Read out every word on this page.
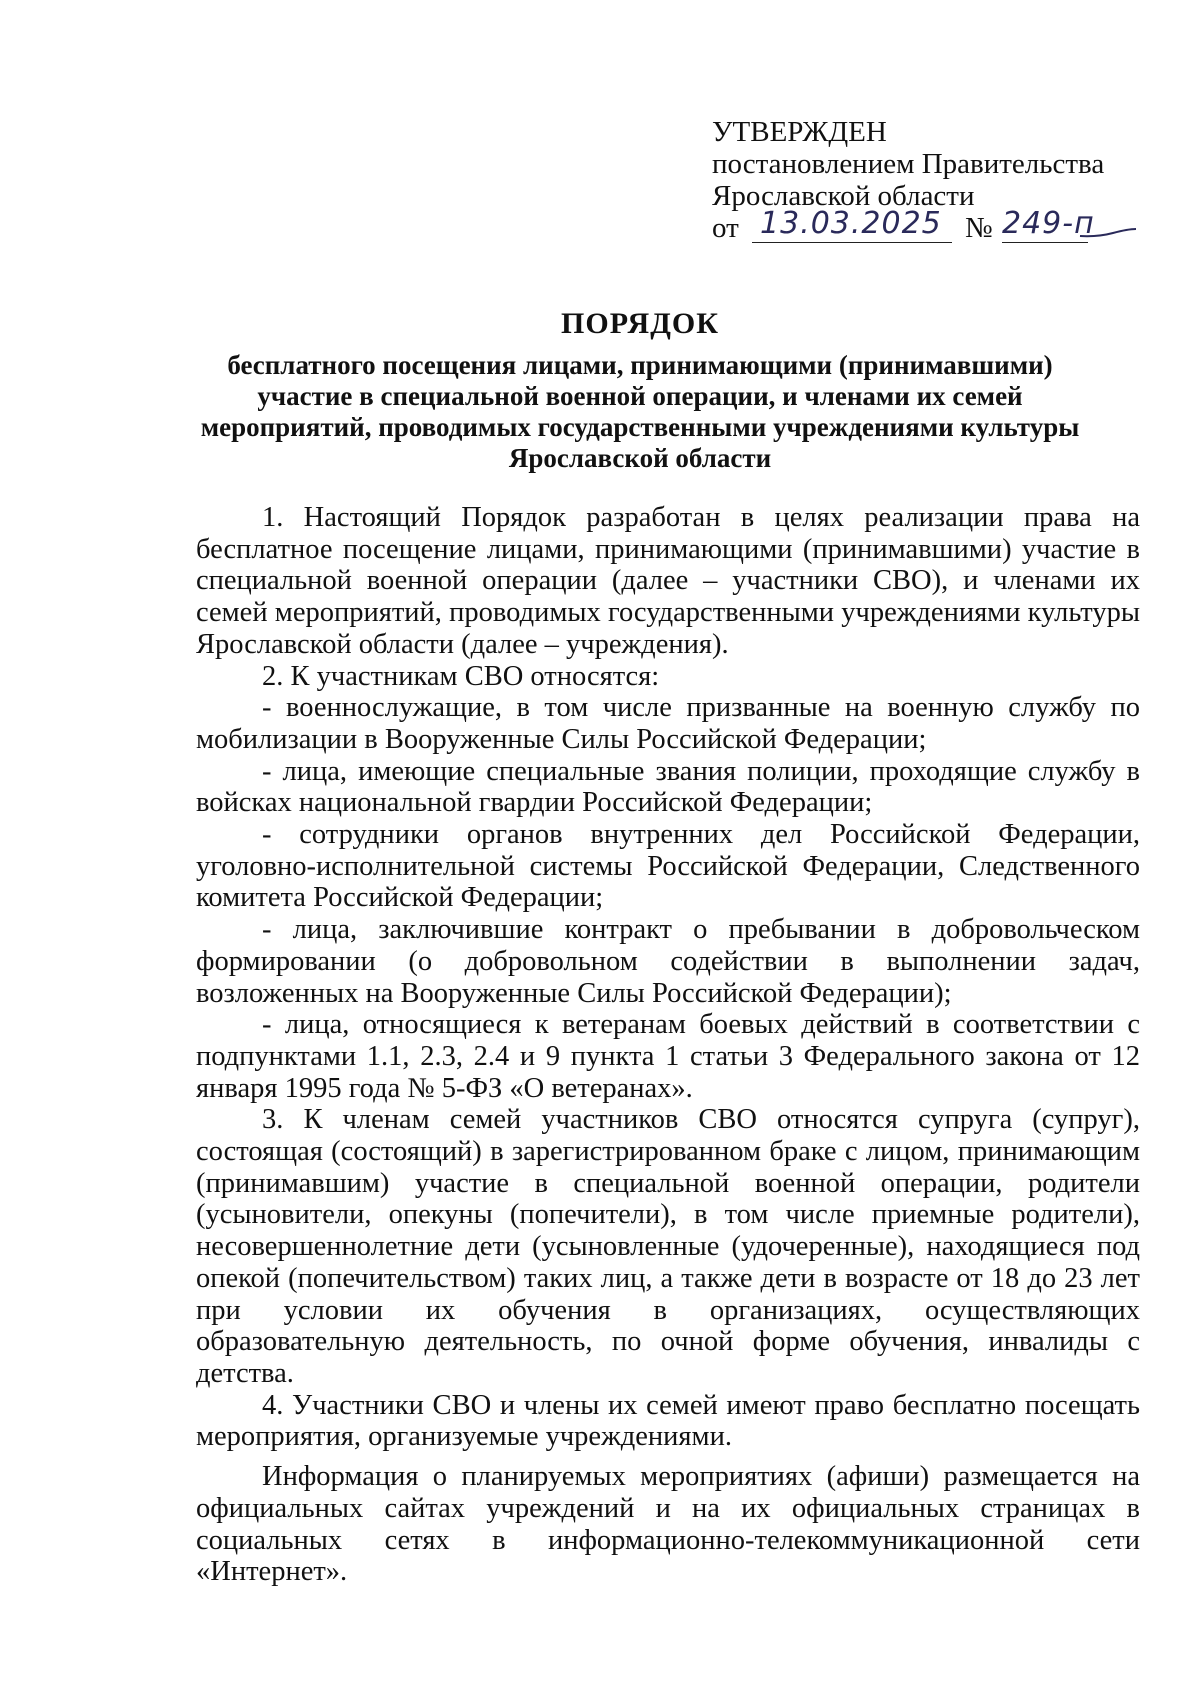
УТВЕРЖДЕН
постановлением Правительства
Ярославской области
от 13.03.2025 № 249-п
ПОРЯДОК
бесплатного посещения лицами, принимающими (принимавшими) участие в специальной военной операции, и членами их семей мероприятий, проводимых государственными учреждениями культуры Ярославской области

1. Настоящий Порядок разработан в целях реализации права на бесплатное посещение лицами, принимающими (принимавшими) участие в специальной военной операции (далее – участники СВО), и членами их семей мероприятий, проводимых государственными учреждениями культуры Ярославской области (далее – учреждения).

2. К участникам СВО относятся:

- военнослужащие, в том числе призванные на военную службу по мобилизации в Вооруженные Силы Российской Федерации;

- лица, имеющие специальные звания полиции, проходящие службу в войсках национальной гвардии Российской Федерации;

- сотрудники органов внутренних дел Российской Федерации, уголовно-исполнительной системы Российской Федерации, Следственного комитета Российской Федерации;

- лица, заключившие контракт о пребывании в добровольческом формировании (о добровольном содействии в выполнении задач, возложенных на Вооруженные Силы Российской Федерации);

- лица, относящиеся к ветеранам боевых действий в соответствии с подпунктами 1.1, 2.3, 2.4 и 9 пункта 1 статьи 3 Федерального закона от 12 января 1995 года № 5-ФЗ «О ветеранах».

3. К членам семей участников СВО относятся супруга (супруг), состоящая (состоящий) в зарегистрированном браке с лицом, принимающим (принимавшим) участие в специальной военной операции, родители (усыновители, опекуны (попечители), в том числе приемные родители), несовершеннолетние дети (усыновленные (удочеренные), находящиеся под опекой (попечительством) таких лиц, а также дети в возрасте от 18 до 23 лет при условии их обучения в организациях, осуществляющих образовательную деятельность, по очной форме обучения, инвалиды с детства.

4. Участники СВО и члены их семей имеют право бесплатно посещать мероприятия, организуемые учреждениями.

Информация о планируемых мероприятиях (афиши) размещается на официальных сайтах учреждений и на их официальных страницах в социальных сетях в информационно-телекоммуникационной сети «Интернет».
